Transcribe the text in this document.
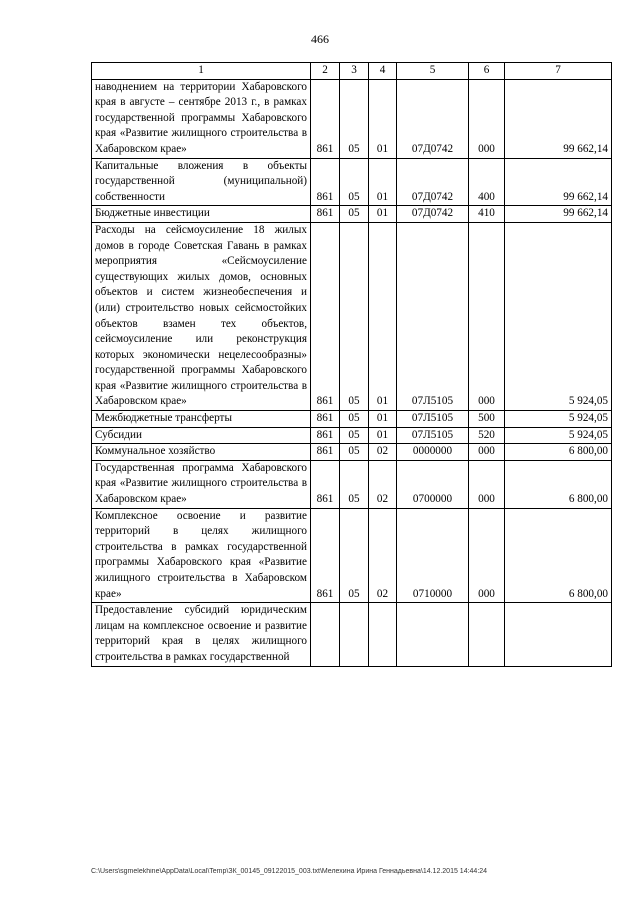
466
1	2	3	4	5	6	7
наводнением на территории Хабаровского края в августе – сентябре 2013 г., в рамках государственной программы Хабаровского края «Развитие жилищного строительства в Хабаровском крае»	861	05	01	07Д0742	000	99 662,14
Капитальные вложения в объекты государственной (муниципальной) собственности	861	05	01	07Д0742	400	99 662,14
Бюджетные инвестиции	861	05	01	07Д0742	410	99 662,14
Расходы на сейсмоусиление 18 жилых домов в городе Советская Гавань в рамках мероприятия «Сейсмоусиление существующих жилых домов, основных объектов и систем жизнеобеспечения и (или) строительство новых сейсмостойких объектов взамен тех объектов, сейсмоусиление или реконструкция которых экономически нецелесообразны» государственной программы Хабаровского края «Развитие жилищного строительства в Хабаровском крае»	861	05	01	07Л5105	000	5 924,05
Межбюджетные трансферты	861	05	01	07Л5105	500	5 924,05
Субсидии	861	05	01	07Л5105	520	5 924,05
Коммунальное хозяйство	861	05	02	0000000	000	6 800,00
Государственная программа Хабаровского края «Развитие жилищного строительства в Хабаровском крае»	861	05	02	0700000	000	6 800,00
Комплексное освоение и развитие территорий в целях жилищного строительства в рамках государственной программы Хабаровского края «Развитие жилищного строительства в Хабаровском крае»	861	05	02	0710000	000	6 800,00
Предоставление субсидий юридическим лицам на комплексное освоение и развитие территорий края в целях жилищного строительства в рамках государственной						
C:\Users\sgmelekhine\AppData\Local\Temp\ЗК_00145_09122015_003.txt\Мелехина Ирина Геннадьевна\14.12.2015 14:44:24
